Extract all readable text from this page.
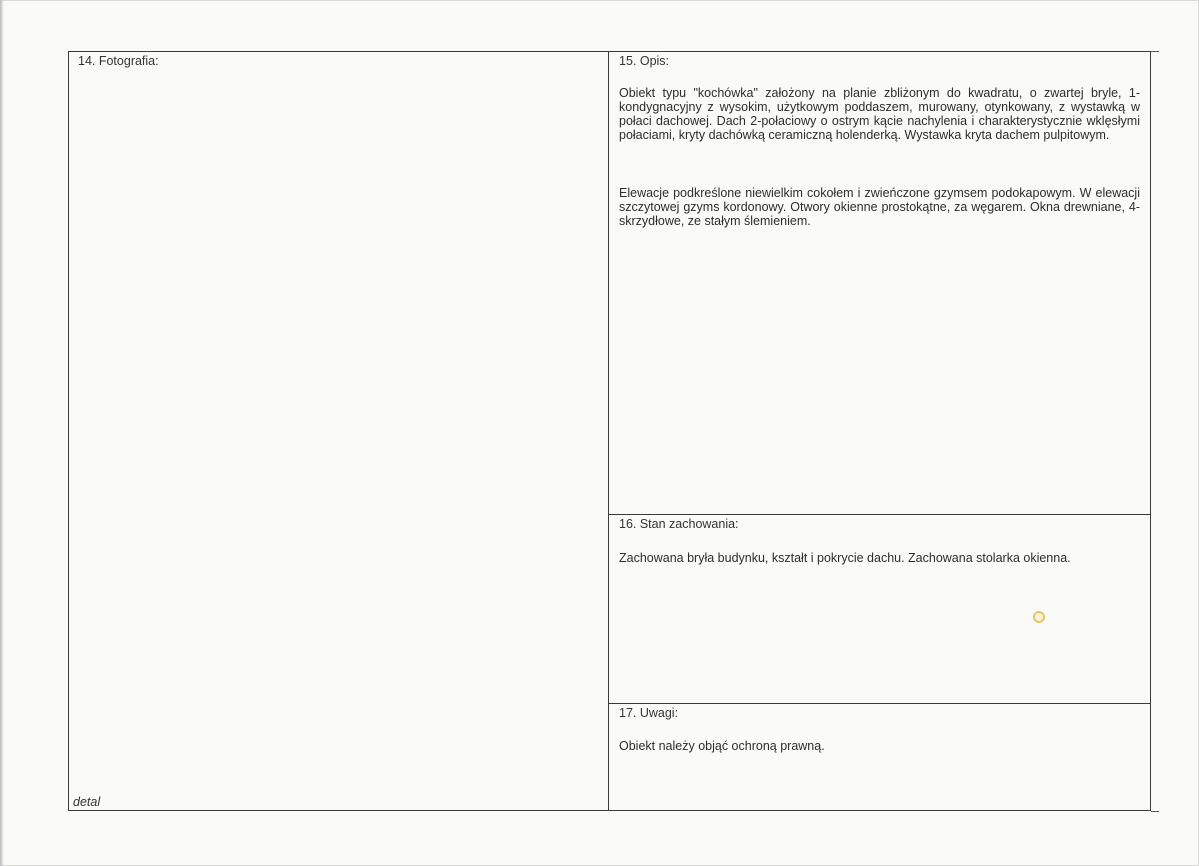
14. Fotografia:
detal
15. Opis:
Obiekt typu "kochówka" założony na planie zbliżonym do kwadratu, o zwartej bryle, 1-kondygnacyjny z wysokim, użytkowym poddaszem, murowany, otynkowany, z wystawką w połaci dachowej. Dach 2-połaciowy o ostrym kącie nachylenia i charakterystycznie wklęsłymi połaciami, kryty dachówką ceramiczną holenderką. Wystawka kryta dachem pulpitowym.
Elewacje podkreślone niewielkim cokołem i zwieńczone gzymsem podokapowym. W elewacji szczytowej gzyms kordonowy. Otwory okienne prostokątne, za węgarem. Okna drewniane, 4-skrzydłowe, ze stałym ślemieniem.
16. Stan zachowania:
Zachowana bryła budynku, kształt i pokrycie dachu. Zachowana stolarka okienna.
17. Uwagi:
Obiekt należy objąć ochroną prawną.
